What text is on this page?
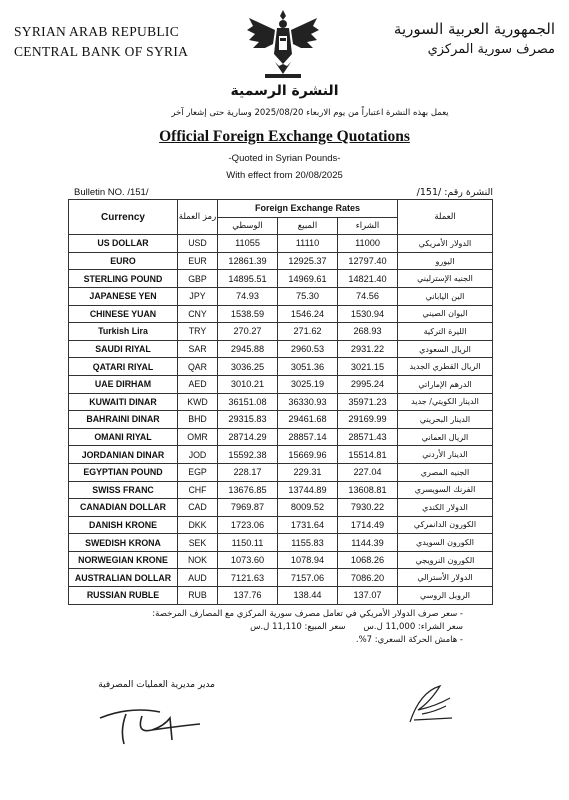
SYRIAN ARAB REPUBLIC
CENTRAL BANK OF SYRIA
الجمهورية العربية السورية
مصرف سورية المركزي
النشرة الرسمية
يعمل بهذه النشرة اعتباراً من يوم الاربعاء 2025/08/20 وسارية حتى إشعار آخر
Official Foreign Exchange Quotations
-Quoted in Syrian Pounds-
With effect from 20/08/2025
Bulletin NO. /151/	النشرة رقم: /151/
Currency	رمز العملة	Foreign Exchange Rates			العملة
		الوسطي	المبيع	الشراء	
US DOLLAR	USD	11055	11110	11000	الدولار الأمريكي
EURO	EUR	12861.39	12925.37	12797.40	اليورو
STERLING POUND	GBP	14895.51	14969.61	14821.40	الجنيه الإسترليني
JAPANESE YEN	JPY	74.93	75.30	74.56	الين الياباني
CHINESE YUAN	CNY	1538.59	1546.24	1530.94	اليوان الصيني
Turkish Lira	TRY	270.27	271.62	268.93	الليرة التركية
SAUDI RIYAL	SAR	2945.88	2960.53	2931.22	الريال السعودي
QATARI RIYAL	QAR	3036.25	3051.36	3021.15	الريال القطري الجديد
UAE DIRHAM	AED	3010.21	3025.19	2995.24	الدرهم الإماراتي
KUWAITI DINAR	KWD	36151.08	36330.93	35971.23	الدينار الكويتي/ جديد
BAHRAINI DINAR	BHD	29315.83	29461.68	29169.99	الدينار البحريني
OMANI RIYAL	OMR	28714.29	28857.14	28571.43	الريال العماني
JORDANIAN DINAR	JOD	15592.38	15669.96	15514.81	الدينار الأردني
EGYPTIAN POUND	EGP	228.17	229.31	227.04	الجنيه المصري
SWISS FRANC	CHF	13676.85	13744.89	13608.81	الفرنك السويسري
CANADIAN DOLLAR	CAD	7969.87	8009.52	7930.22	الدولار الكندي
DANISH KRONE	DKK	1723.06	1731.64	1714.49	الكورون الدانمركي
SWEDISH KRONA	SEK	1150.11	1155.83	1144.39	الكورون السويدي
NORWEGIAN KRONE	NOK	1073.60	1078.94	1068.26	الكورون النرويجي
AUSTRALIAN DOLLAR	AUD	7121.63	7157.06	7086.20	الدولار الأسترالي
RUSSIAN RUBLE	RUB	137.76	138.44	137.07	الروبل الروسي
- سعر صرف الدولار الأمريكي في تعامل مصرف سورية المركزي مع المصارف المرخصة:
سعر الشراء: 11,000 ل.سسعر المبيع: 11,110 ل.س
- هامش الحركة السعري: 7%.
مدير مديرية العمليات المصرفية
